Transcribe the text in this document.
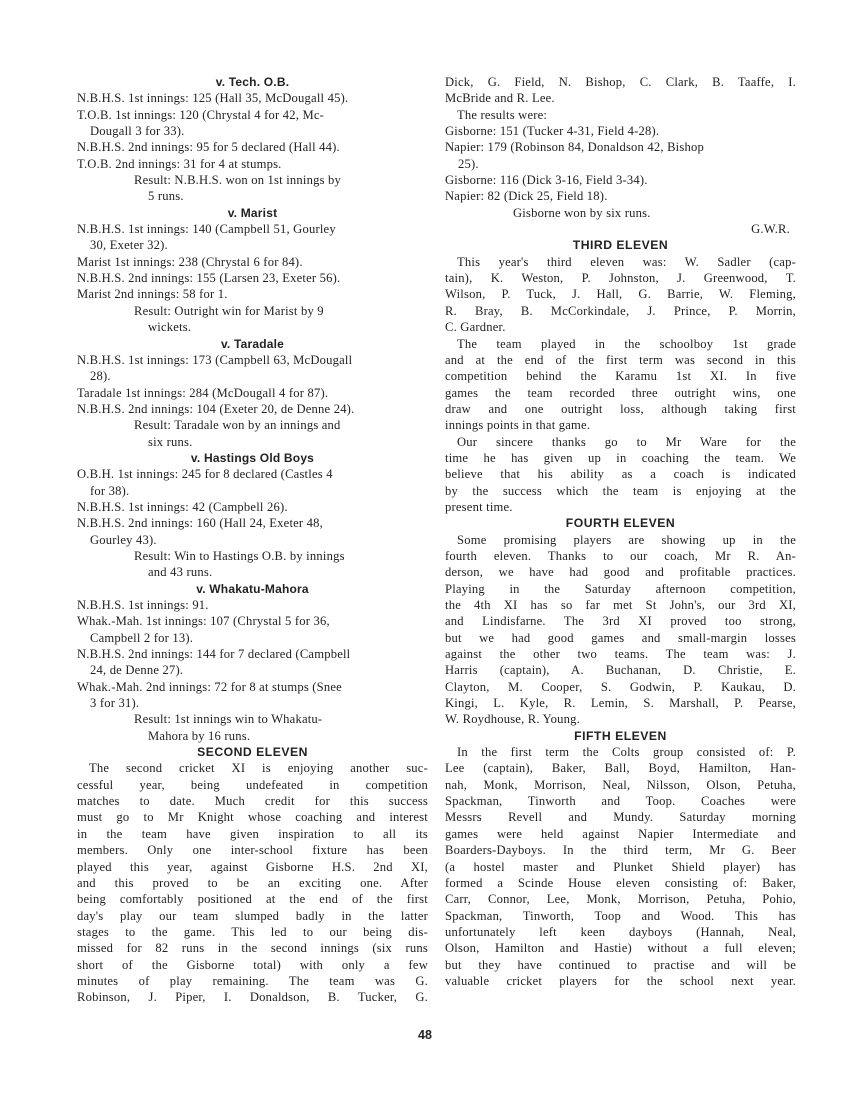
v. Tech. O.B.
N.B.H.S. 1st innings: 125 (Hall 35, McDougall 45).
T.O.B. 1st innings: 120 (Chrystal 4 for 42, Mc-
Dougall 3 for 33).
N.B.H.S. 2nd innings: 95 for 5 declared (Hall 44).
T.O.B. 2nd innings: 31 for 4 at stumps.
Result: N.B.H.S. won on 1st innings by
5 runs.
v. Marist
N.B.H.S. 1st innings: 140 (Campbell 51, Gourley
30, Exeter 32).
Marist 1st innings: 238 (Chrystal 6 for 84).
N.B.H.S. 2nd innings: 155 (Larsen 23, Exeter 56).
Marist 2nd innings: 58 for 1.
Result: Outright win for Marist by 9
wickets.
v. Taradale
N.B.H.S. 1st innings: 173 (Campbell 63, McDougall
28).
Taradale 1st innings: 284 (McDougall 4 for 87).
N.B.H.S. 2nd innings: 104 (Exeter 20, de Denne 24).
Result: Taradale won by an innings and
six runs.
v. Hastings Old Boys
O.B.H. 1st innings: 245 for 8 declared (Castles 4
for 38).
N.B.H.S. 1st innings: 42 (Campbell 26).
N.B.H.S. 2nd innings: 160 (Hall 24, Exeter 48,
Gourley 43).
Result: Win to Hastings O.B. by innings
and 43 runs.
v. Whakatu-Mahora
N.B.H.S. 1st innings: 91.
Whak.-Mah. 1st innings: 107 (Chrystal 5 for 36,
Campbell 2 for 13).
N.B.H.S. 2nd innings: 144 for 7 declared (Campbell
24, de Denne 27).
Whak.-Mah. 2nd innings: 72 for 8 at stumps (Snee
3 for 31).
Result: 1st innings win to Whakatu-
Mahora by 16 runs.
SECOND ELEVEN
The second cricket XI is enjoying another suc-
cessful year, being undefeated in competition
matches to date. Much credit for this success
must go to Mr Knight whose coaching and interest
in the team have given inspiration to all its
members. Only one inter-school fixture has been
played this year, against Gisborne H.S. 2nd XI,
and this proved to be an exciting one. After
being comfortably positioned at the end of the first
day's play our team slumped badly in the latter
stages to the game. This led to our being dis-
missed for 82 runs in the second innings (six runs
short of the Gisborne total) with only a few
minutes of play remaining. The team was G.
Robinson, J. Piper, I. Donaldson, B. Tucker, G.
Dick, G. Field, N. Bishop, C. Clark, B. Taaffe, I.
McBride and R. Lee.
The results were:
Gisborne: 151 (Tucker 4-31, Field 4-28).
Napier: 179 (Robinson 84, Donaldson 42, Bishop
25).
Gisborne: 116 (Dick 3-16, Field 3-34).
Napier: 82 (Dick 25, Field 18).
Gisborne won by six runs.
G.W.R.
THIRD ELEVEN
This year's third eleven was: W. Sadler (cap-
tain), K. Weston, P. Johnston, J. Greenwood, T.
Wilson, P. Tuck, J. Hall, G. Barrie, W. Fleming,
R. Bray, B. McCorkindale, J. Prince, P. Morrin,
C. Gardner.
The team played in the schoolboy 1st grade
and at the end of the first term was second in this
competition behind the Karamu 1st XI. In five
games the team recorded three outright wins, one
draw and one outright loss, although taking first
innings points in that game.
Our sincere thanks go to Mr Ware for the
time he has given up in coaching the team. We
believe that his ability as a coach is indicated
by the success which the team is enjoying at the
present time.
FOURTH ELEVEN
Some promising players are showing up in the
fourth eleven. Thanks to our coach, Mr R. An-
derson, we have had good and profitable practices.
Playing in the Saturday afternoon competition,
the 4th XI has so far met St John's, our 3rd XI,
and Lindisfarne. The 3rd XI proved too strong,
but we had good games and small-margin losses
against the other two teams. The team was: J.
Harris (captain), A. Buchanan, D. Christie, E.
Clayton, M. Cooper, S. Godwin, P. Kaukau, D.
Kingi, L. Kyle, R. Lemin, S. Marshall, P. Pearse,
W. Roydhouse, R. Young.
FIFTH ELEVEN
In the first term the Colts group consisted of: P.
Lee (captain), Baker, Ball, Boyd, Hamilton, Han-
nah, Monk, Morrison, Neal, Nilsson, Olson, Petuha,
Spackman, Tinworth and Toop. Coaches were
Messrs Revell and Mundy. Saturday morning
games were held against Napier Intermediate and
Boarders-Dayboys. In the third term, Mr G. Beer
(a hostel master and Plunket Shield player) has
formed a Scinde House eleven consisting of: Baker,
Carr, Connor, Lee, Monk, Morrison, Petuha, Pohio,
Spackman, Tinworth, Toop and Wood. This has
unfortunately left keen dayboys (Hannah, Neal,
Olson, Hamilton and Hastie) without a full eleven;
but they have continued to practise and will be
valuable cricket players for the school next year.
48
